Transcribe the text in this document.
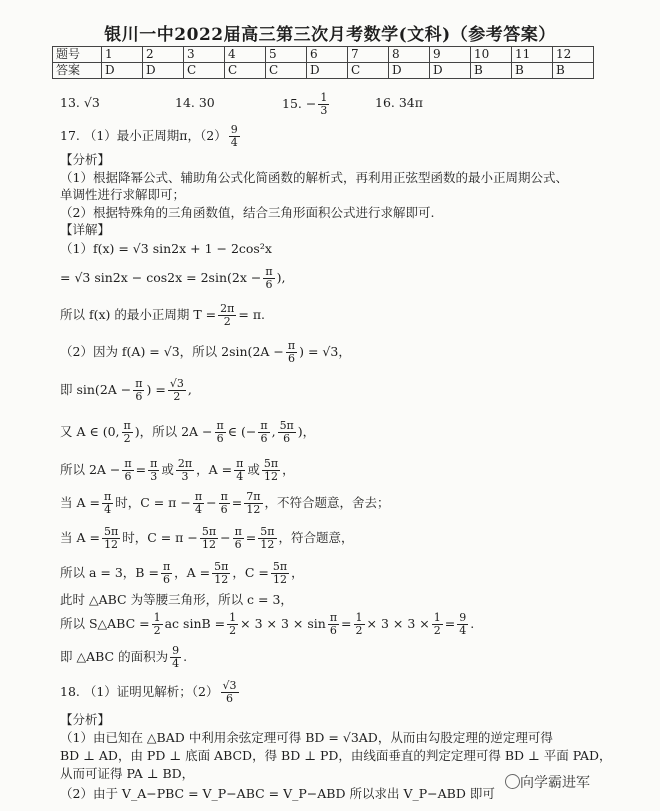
银川一中2022届高三第三次月考数学(文科)（参考答案）
题号	1	2	3	4	5	6	7	8	9	10	11	12
答案	D	D	C	C	C	D	C	D	D	B	B	B
13. √3	14. 30	15. − $\frac{1}{3}$	16. 34π
17. （1）最小正周期π，$(2) \frac{9}{4}$
【分析】
（1）根据降幂公式、辅助角公式化简函数的解析式，再利用正弦型函数的最小正周期公式、
单调性进行求解即可；
（2）根据特殊角的三角函数值，结合三角形面积公式进行求解即可.
【详解】
（1）f(x) = √3 sin2x + 1 − 2cos²x
= √3 $\sin 2x - \cos 2x = 2\sin(2x - \frac{\pi}{6}$ ),
所以 f(x) 的最小正周期 $T = \frac{2\pi}{2} = \pi$.
（2）因为 f(A) = √3，所以 $2\sin(2A - \frac{\pi}{6}$ ) = √3，
即 $\sin(2A - \frac{\pi}{6}$ ) = $\frac{√3}{2}$ ,
又 A ∈ (0, $\frac{\pi}{2}$ )，所以 $2A - \frac{\pi}{6}$ ∈ (− $\frac{\pi}{6}$ , $\frac{5\pi}{6}$ )，
所以 $2A - \frac{\pi}{6} = \frac{\pi}{3}$ 或 $\frac{2\pi}{3}$ ，$A = \frac{\pi}{4}$ 或 $\frac{5\pi}{12}$ ，
当 $A = \frac{\pi}{4}$ 时，$C = \pi - \frac{\pi}{4} - \frac{\pi}{6} = \frac{7\pi}{12}$ ，不符合题意，舍去；
当 $A = \frac{5\pi}{12}$ 时，$C = \pi - \frac{5\pi}{12} - \frac{\pi}{6} = \frac{5\pi}{12}$ ，符合题意，
所以 a = 3，$B = \frac{\pi}{6}$ ，$A = \frac{5\pi}{12}$ ，$C = \frac{5\pi}{12}$ ，
此时 △ABC 为等腰三角形，所以 c = 3，
所以 S△ABC = $\frac{1}{2}$ ac $\sin B = \frac{1}{2} \times 3 \times 3 \times \sin \frac{\pi}{6} = \frac{1}{2} \times 3 \times 3 \times \frac{1}{2} = \frac{9}{4}$ .
即 △ABC 的面积为 $\frac{9}{4}$ .
18. （1）证明见解析；$(2) \frac{√3}{6}$
【分析】
（1）由已知在 △BAD 中利用余弦定理可得 BD = √3AD，从而由勾股定理的逆定理可得
BD ⊥ AD，由 PD ⊥ 底面 ABCD，得 BD ⊥ PD，由线面垂直的判定定理可得 BD ⊥ 平面 PAD，
从而可证得 PA ⊥ BD，
（2）由于 V_A−PBC = V_P−ABC = V_P−ABD 所以求出 V_P−ABD 即可
向学霸进军
